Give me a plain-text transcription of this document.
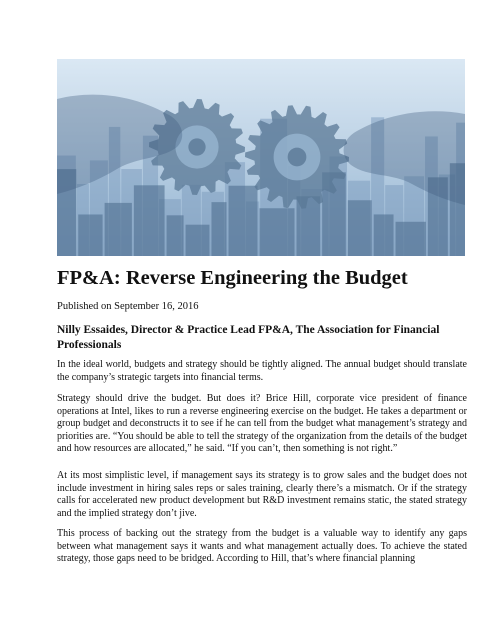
FP&A: Reverse Engineering the Budget

Published on September 16, 2016

Nilly Essaides, Director & Practice Lead FP&A, The Association for Financial Professionals

In the ideal world, budgets and strategy should be tightly aligned. The annual budget should translate the company’s strategic targets into financial terms.

Strategy should drive the budget. But does it? Brice Hill, corporate vice president of finance operations at Intel, likes to run a reverse engineering exercise on the budget. He takes a department or group budget and deconstructs it to see if he can tell from the budget what management’s strategy and priorities are. “You should be able to tell the strategy of the organization from the details of the budget and how resources are allocated,” he said. “If you can’t, then something is not right.”

At its most simplistic level, if management says its strategy is to grow sales and the budget does not include investment in hiring sales reps or sales training, clearly there’s a mismatch. Or if the strategy calls for accelerated new product development but R&D investment remains static, the stated strategy and the implied strategy don’t jive.

This process of backing out the strategy from the budget is a valuable way to identify any gaps between what management says it wants and what management actually does. To achieve the stated strategy, those gaps need to be bridged. According to Hill, that’s where financial planning
